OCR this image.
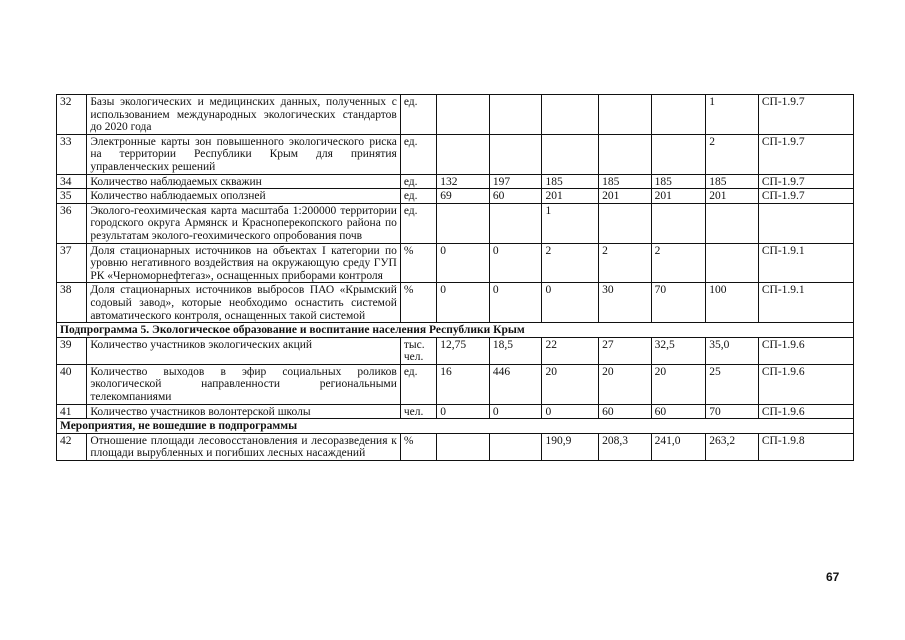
32	Базы экологических и медицинских данных, полученных с использованием международных экологических стандартов до 2020 года	ед.						1	СП-1.9.7
33	Электронные карты зон повышенного экологического риска на территории Республики Крым для принятия управленческих решений	ед.						2	СП-1.9.7
34	Количество наблюдаемых скважин	ед.	132	197	185	185	185	185	СП-1.9.7
35	Количество наблюдаемых оползней	ед.	69	60	201	201	201	201	СП-1.9.7
36	Эколого-геохимическая карта масштаба 1:200000 территории городского округа Армянск и Красноперекопского района по результатам эколого-геохимического опробования почв	ед.			1				
37	Доля стационарных источников на объектах I категории по уровню негативного воздействия на окружающую среду ГУП РК «Черноморнефтегаз», оснащенных приборами контроля	%	0	0	2	2	2		СП-1.9.1
38	Доля стационарных источников выбросов ПАО «Крымский содовый завод», которые необходимо оснастить системой автоматического контроля, оснащенных такой системой	%	0	0	0	30	70	100	СП-1.9.1
Подпрограмма 5. Экологическое образование и воспитание населения Республики Крым									
39	Количество участников экологических акций	тыс. чел.	12,75	18,5	22	27	32,5	35,0	СП-1.9.6
40	Количество выходов в эфир социальных роликов экологической направленности региональными телекомпаниями	ед.	16	446	20	20	20	25	СП-1.9.6
41	Количество участников волонтерской школы	чел.	0	0	0	60	60	70	СП-1.9.6
Мероприятия, не вошедшие в подпрограммы									
42	Отношение площади лесовосстановления и лесоразведения к площади вырубленных и погибших лесных насаждений	%			190,9	208,3	241,0	263,2	СП-1.9.8
67
